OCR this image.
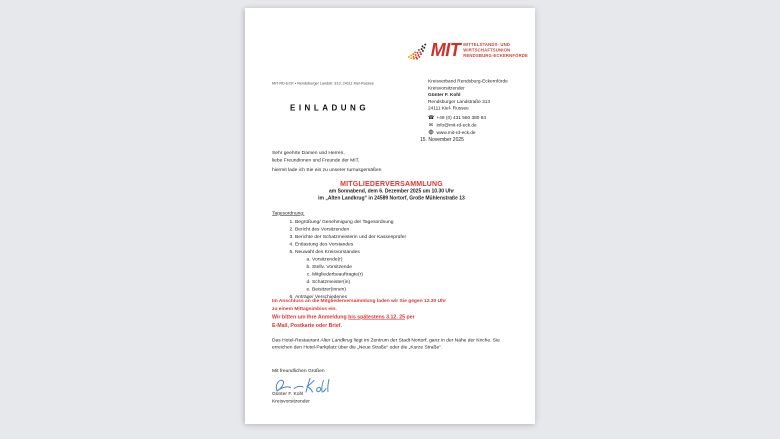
MIT MITTELSTANDS- UND
WIRTSCHAFTSUNION
RENDSBURG-ECKERNFÖRDE
MIT RD-ECK • Rendsburger Landstr. 313, 24111 Kiel-Russee	Kreisverband Rendsburg-Eckernförde
Kreisvorsitzender
Günter F. Kohl
Rendsburger Landstraße 313
24111 Kiel- Russee
☎ +49 (0) 431 560 380 84
✉ info@mit-rd-eck.de
www.mit-rd-eck.de
EINLADUNG
15. November 2025
Sehr geehrte Damen und Herren,
liebe Freundinnen und Freunde der MIT,
hiermit lade ich Sie ein zu unserer turnusgemäßen
MITGLIEDERVERSAMMLUNG
am Sonnabend, dem 6. Dezember 2025 um 10.30 Uhr
im „Alten Landkrug“ in 24589 Nortorf, Große Mühlenstraße 13
Tagesordnung:
1. Begrüßung/ Genehmigung der Tagesordnung
2. Bericht des Vorsitzenden
3. Berichte der Schatzmeisterin und der Kassenprüfer
4. Entlastung des Vorstandes
5. Neuwahl des Kreisvorstandes
a. Vorsitzende(r)
b. Stellv. Vorsitzende
c. Mitgliederbeauftragte(r)
d. Schatzmeister(in)
e. Beisitzer(innen)
6. Anträge/ Verschiedenes
Im Anschluss an die Mitgliederversammlung laden wir Sie gegen 12.30 Uhr
zu einem Mittagsimbiss ein.
Wir bitten um Ihre Anmeldung bis spätestens 3.12. 25 per
E-Mail, Postkarte oder Brief.
Das Hotel-Restaurant Alter Landkrug liegt im Zentrum der Stadt Nortorf, ganz in der Nähe der Kirche. Sie erreichen den Hotel-Parkplatz über die „Neue Straße“ oder die „Kurze Straße“.
Mit freundlichen Grüßen
Günter F. Kohl
Kreisvorsitzender
